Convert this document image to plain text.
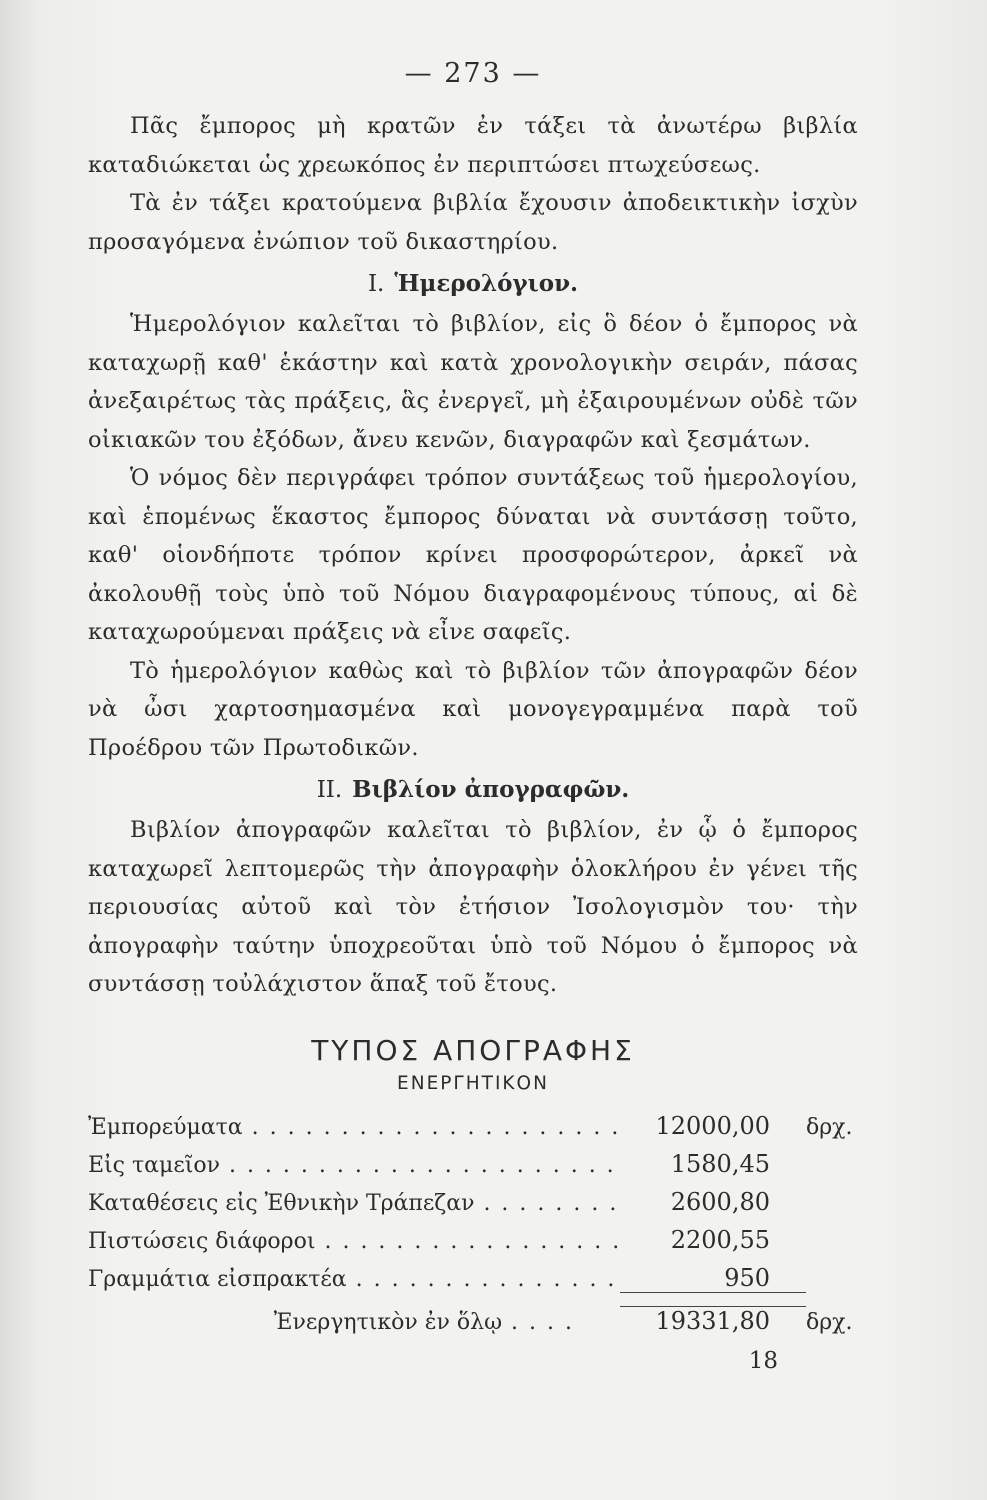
— 273 —

Πᾶς ἔμπορος μὴ κρατῶν ἐν τάξει τὰ ἀνωτέρω βιβλία καταδιώκεται ὡς χρεωκόπος ἐν περιπτώσει πτωχεύσεως.

Τὰ ἐν τάξει κρατούμενα βιβλία ἔχουσιν ἀποδεικτικὴν ἰσχὺν προσαγόμενα ἐνώπιον τοῦ δικαστηρίου.

I. Ἡμερολόγιον.

Ἡμερολόγιον καλεῖται τὸ βιβλίον, εἰς ὃ δέον ὁ ἔμπορος νὰ καταχωρῇ καθ' ἑκάστην καὶ κατὰ χρονολογικὴν σειράν, πάσας ἀνεξαιρέτως τὰς πράξεις, ἃς ἐνεργεῖ, μὴ ἐξαιρουμένων οὐδὲ τῶν οἰκιακῶν του ἐξόδων, ἄνευ κενῶν, διαγραφῶν καὶ ξεσμάτων.

Ὁ νόμος δὲν περιγράφει τρόπον συντάξεως τοῦ ἡμερολογίου, καὶ ἑπομένως ἕκαστος ἔμπορος δύναται νὰ συντάσσῃ τοῦτο, καθ' οἱονδήποτε τρόπον κρίνει προσφορώτερον, ἀρκεῖ νὰ ἀκολουθῇ τοὺς ὑπὸ τοῦ Νόμου διαγραφομένους τύπους, αἱ δὲ καταχωρούμεναι πράξεις νὰ εἶνε σαφεῖς.

Τὸ ἡμερολόγιον καθὼς καὶ τὸ βιβλίον τῶν ἀπογραφῶν δέον νὰ ὦσι χαρτοσημασμένα καὶ μονογεγραμμένα παρὰ τοῦ Προέδρου τῶν Πρωτοδικῶν.

II. Βιβλίον ἀπογραφῶν.

Βιβλίον ἀπογραφῶν καλεῖται τὸ βιβλίον, ἐν ᾧ ὁ ἔμπορος καταχωρεῖ λεπτομερῶς τὴν ἀπογραφὴν ὁλοκλήρου ἐν γένει τῆς περιουσίας αὐτοῦ καὶ τὸν ἐτήσιον Ἰσολογισμὸν του· τὴν ἀπογραφὴν ταύτην ὑποχρεοῦται ὑπὸ τοῦ Νόμου ὁ ἔμπορος νὰ συντάσσῃ τοὐλάχιστον ἅπαξ τοῦ ἔτους.

ΤΥΠΟΣ ΑΠΟΓΡΑΦΗΣ
ΕΝΕΡΓΗΤΙΚΟΝ
Ἐμπορεύματα . . .	12000,00	δρχ.
Εἰς ταμεῖον . . .	1580,45
Καταθέσεις εἰς Ἐθνικὴν Τράπεζαν . . .	2600,80
Πιστώσεις διάφοροι . . .	2200,55
Γραμμάτια εἰσπρακτέα . . .	950
Ἐνεργητικὸν ἐν ὅλῳ . . . .	19331,80	δρχ.
18
